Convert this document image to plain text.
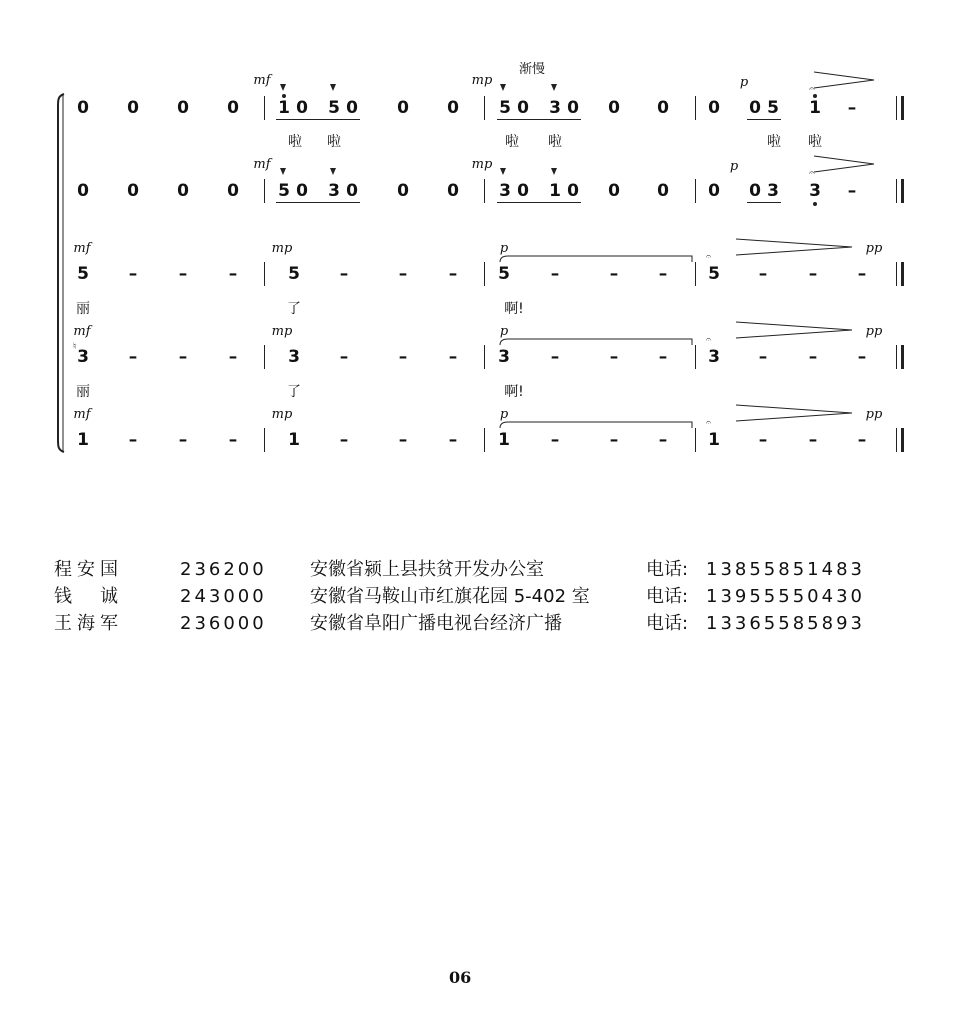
渐慢
mf	mp	p
0 0 0 0 1 0 5 0 0 0 5 0 3 0 0 0 0 0 5 1
𝄐
–
啦 啦	啦 啦	啦 啦
mf	mp	p
0 0 0 0 5 0 3 0 0 0 3 0 1 0 0 0 0 0 3 3
𝄐
–
mf	mp	p	pp
𝄐
5 – – –	5 –	– – 5 –	– – 5 – – –
丽	了	啊!
mf	mp	p	pp
𝄐
♮ 3 – – –	3 –	– – 3 –	– – 3 – – –
丽	了	啊!
mf	mp	p	pp
𝄐
1 – – –	1 –	– – 1 –	– – 1 – – –
程安国	236200 安徽省颍上县扶贫开发办公室	电话: 13855851483
钱　诚	243000 安徽省马鞍山市红旗花园 5-402 室	电话: 13955550430
王海军	236000 安徽省阜阳广播电视台经济广播	电话: 13365585893
06
